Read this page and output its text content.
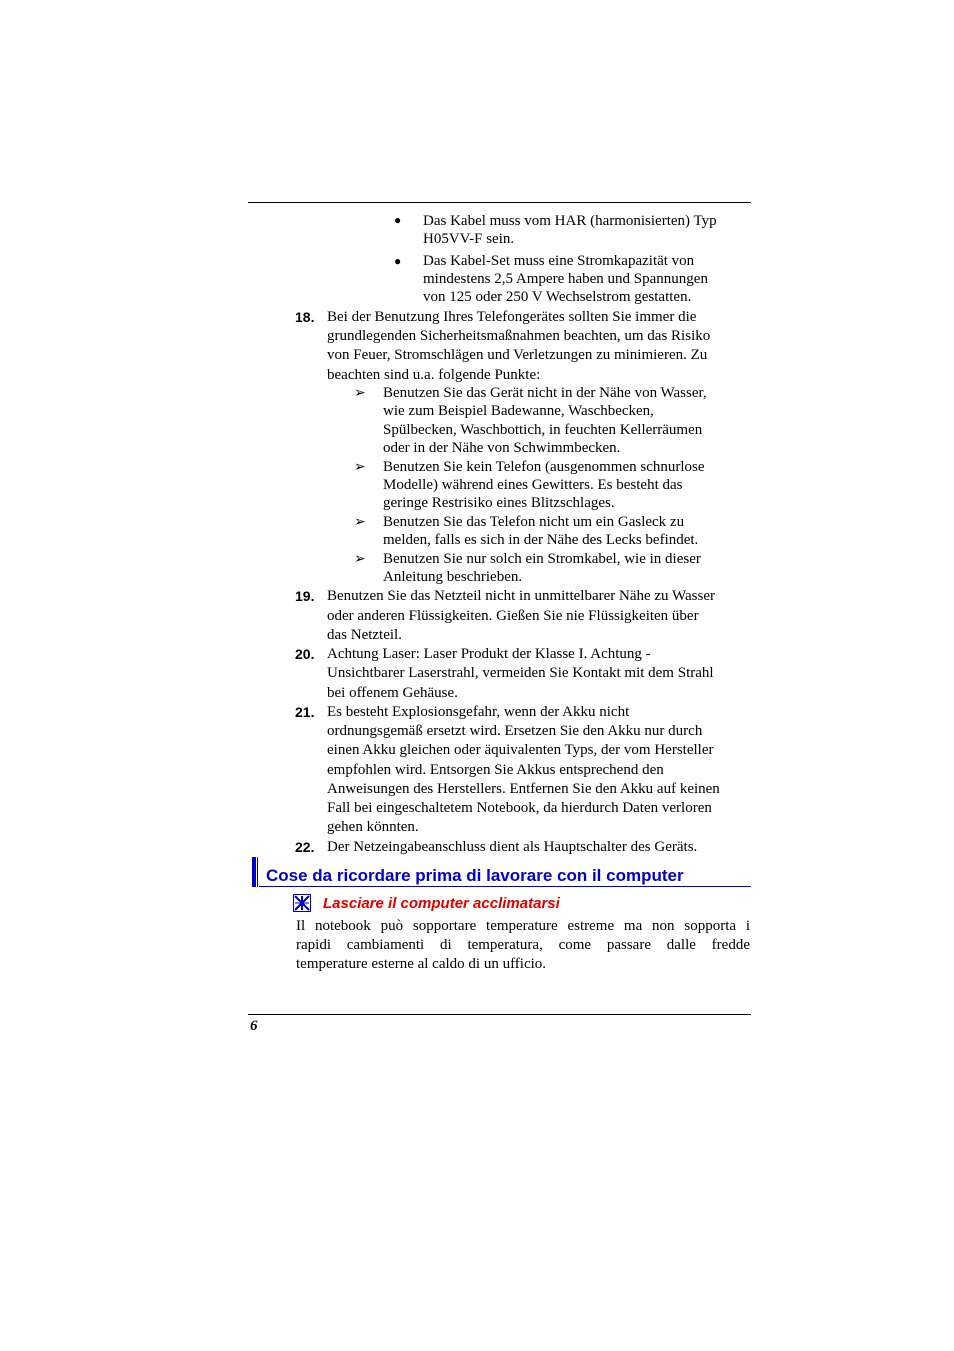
● Das Kabel muss vom HAR (harmonisierten) Typ

H05VV-F sein.

● Das Kabel-Set muss eine Stromkapazität von

mindestens 2,5 Ampere haben und Spannungen

von 125 oder 250 V Wechselstrom gestatten.

18. Bei der Benutzung Ihres Telefongerätes sollten Sie immer die

grundlegenden Sicherheitsmaßnahmen beachten, um das Risiko

von Feuer, Stromschlägen und Verletzungen zu minimieren. Zu

beachten sind u.a. folgende Punkte:

➢ Benutzen Sie das Gerät nicht in der Nähe von Wasser,

wie zum Beispiel Badewanne, Waschbecken,

Spülbecken, Waschbottich, in feuchten Kellerräumen

oder in der Nähe von Schwimmbecken.

➢ Benutzen Sie kein Telefon (ausgenommen schnurlose

Modelle) während eines Gewitters. Es besteht das

geringe Restrisiko eines Blitzschlages.

➢ Benutzen Sie das Telefon nicht um ein Gasleck zu

melden, falls es sich in der Nähe des Lecks befindet.

➢ Benutzen Sie nur solch ein Stromkabel, wie in dieser

Anleitung beschrieben.

19. Benutzen Sie das Netzteil nicht in unmittelbarer Nähe zu Wasser

oder anderen Flüssigkeiten. Gießen Sie nie Flüssigkeiten über

das Netzteil.

20. Achtung Laser: Laser Produkt der Klasse I. Achtung -

Unsichtbarer Laserstrahl, vermeiden Sie Kontakt mit dem Strahl

bei offenem Gehäuse.

21. Es besteht Explosionsgefahr, wenn der Akku nicht

ordnungsgemäß ersetzt wird. Ersetzen Sie den Akku nur durch

einen Akku gleichen oder äquivalenten Typs, der vom Hersteller

empfohlen wird. Entsorgen Sie Akkus entsprechend den

Anweisungen des Herstellers. Entfernen Sie den Akku auf keinen

Fall bei eingeschaltetem Notebook, da hierdurch Daten verloren

gehen könnten.

22. Der Netzeingabeanschluss dient als Hauptschalter des Geräts.

Cose da ricordare prima di lavorare con il computer
Lasciare il computer acclimatarsi

Il notebook può sopportare temperature estreme ma non sopporta i

rapidi cambiamenti di temperatura, come passare dalle fredde

temperature esterne al caldo di un ufficio.

6
